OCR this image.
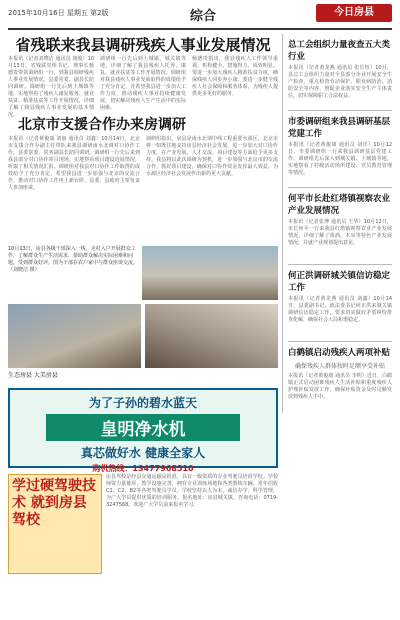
2015年10月16日 星期五 第2版	综合	今日房县
省残联来我县调研残疾人事业发展情况
本报讯（记者刘晓洁 通讯员 康俊）10月13日，省残联党组书记、理事长杨德贵带领调研组一行，到我县调研残疾人事业发展情况。县委常委、副县长陪同调研。调研组一行先后到土城镇等地，实地察看了残疾人康复服务、就业扶贫、精准扶贫等工作开展情况，详细了解了我县残疾人事业发展的基本情况。
调研组一行先后到土城镇、城关镇等地，详细了解了我县残疾人托养、康复、就业扶贫等工作开展情况。调研组对我县残疾人事业发展取得的成绩给予了充分肯定，并希望我县进一步加大工作力度，推动残疾人事业持续健康发展，切实解决残疾人生产生活中的实际困难。
杨德贵指出，我县残疾人工作领导重视、机构健全、措施得力、成效明显。要进一步加大残疾人精准扶贫力度，确保残疾人同步奔小康；要进一步健全残疾人社会保障和服务体系，为残疾人提供更多更好的服务。
北京市支援合作办来房调研
本报讯（记者黄俊康 刘丽 通讯员 刘鑫）10月14日，北京市支援合作办副主任带队来我县调研南水北调对口协作工作。县委常委、常务副县长陪同调研。调研组一行先后来到我县部分对口协作项目现场，实地察看项目建设进展情况，听取了相关情况汇报。调研组对我县对口协作工作取得的成效给予了充分肯定，希望我县进一步加强与北京的交流合作，推动对口协作工作再上新台阶。县委、县政府主要负责人参加座谈。
调研组指出，房县是南水北调中线工程重要水源区，北京市将一如既往地支持房县经济社会发展，进一步加大对口协作力度，在产业发展、人才交流、项目建设等方面给予更多支持。我县将以此次调研为契机，进一步加强与北京市的交流合作，抓好项目建设，确保对口协作资金发挥最大效益，为水源区经济社会发展作出新的更大贡献。
10月13日，房县各级干部深入一线，走村入户开展群众工作，了解群众生产生活需求，帮助群众解决实际困难和问题，受到群众好评。图为干部在农户家中与群众座谈交流。（刘晓洁 摄）
生态房县 大美房县
为了子孙的碧水蓝天
皇明净水机
真芯做好水 健康全家人
购机热线：13477968510
学过硬驾驶技术 就到房县驾校
房县驾校是经县交通运输局批准，具有一级资质的专业驾驶员培训学校。学校师资力量雄厚，教学设施完善，拥有专业训练场地和各类教练车辆，常年招收C1、C2、B2等各类驾驶员学员。学校坚持以人为本，诚信办学，科学管理，为广大学员提供优质的培训服务。报名地址：房县城关镇。咨询电话：0719-3247568。欢迎广大学员前来报名学习。
总工会组织力量夜查五大类行业
本报讯（记者黄龙燕 通讯员 张长恒）10月，县总工会组织力量对全县部分企业开展安全生产检查，重点检查劳动保护、职业病防治、消防安全等内容，督促企业落实安全生产主体责任，切实保障职工合法权益。
市委调研组来我县调研基层党建工作
本报讯（记者黄俊康 通讯员 刘洋）10月12日，市委调研组一行来我县调研基层党建工作。调研组先后深入到城关镇、土城镇等地，实地察看了村级活动场所建设、党员教育管理等情况。
何平市长赴红塔镇视察农业产业发展情况
本报讯（记者张博 通讯员 王华）10月12日，市长何平一行来我县红塔镇视察农业产业发展情况，详细了解了黄酒、木耳等特色产业发展情况，并就产业规划提出意见。
何正洪调研城关镇信访稳定工作
本报讯（记者黄龙燕 通讯员 刘鑫）10月14日，县委副书记、政法委书记何正洪来城关镇调研信访稳定工作，要求切实做好矛盾纠纷排查化解，确保社会大局和谐稳定。
白鹤镇启动残疾人两项补贴
确保残疾人群体按时足额享受补贴
本报讯（记者黄俊康 通讯员 李明）近日，白鹤镇正式启动困难残疾人生活补贴和重度残疾人护理补贴发放工作，确保补贴资金及时足额发放到残疾人手中。
